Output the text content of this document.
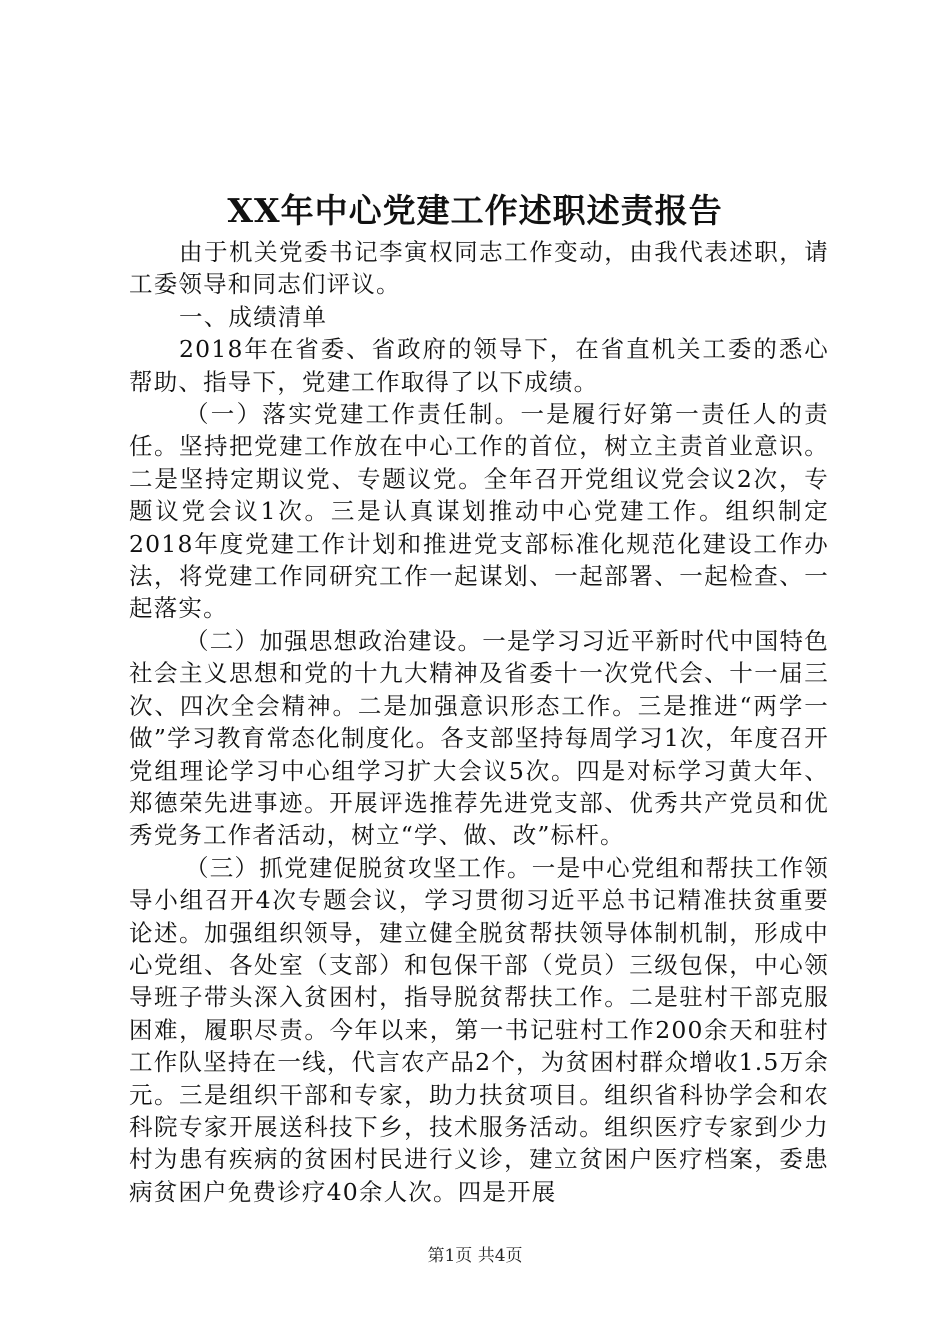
XX年中心党建工作述职述责报告

由于机关党委书记李寅权同志工作变动，由我代表述职，请工委领导和同志们评议。

一、成绩清单

2018年在省委、省政府的领导下，在省直机关工委的悉心帮助、指导下，党建工作取得了以下成绩。

（一）落实党建工作责任制。一是履行好第一责任人的责任。坚持把党建工作放在中心工作的首位，树立主责首业意识。二是坚持定期议党、专题议党。全年召开党组议党会议2次，专题议党会议1次。三是认真谋划推动中心党建工作。组织制定2018年度党建工作计划和推进党支部标准化规范化建设工作办法，将党建工作同研究工作一起谋划、一起部署、一起检查、一起落实。

（二）加强思想政治建设。一是学习习近平新时代中国特色社会主义思想和党的十九大精神及省委十一次党代会、十一届三次、四次全会精神。二是加强意识形态工作。三是推进“两学一做”学习教育常态化制度化。各支部坚持每周学习1次，年度召开党组理论学习中心组学习扩大会议5次。四是对标学习黄大年、郑德荣先进事迹。开展评选推荐先进党支部、优秀共产党员和优秀党务工作者活动，树立“学、做、改”标杆。

（三）抓党建促脱贫攻坚工作。一是中心党组和帮扶工作领导小组召开4次专题会议，学习贯彻习近平总书记精准扶贫重要论述。加强组织领导，建立健全脱贫帮扶领导体制机制，形成中心党组、各处室（支部）和包保干部（党员）三级包保，中心领导班子带头深入贫困村，指导脱贫帮扶工作。二是驻村干部克服困难，履职尽责。今年以来，第一书记驻村工作200余天和驻村工作队坚持在一线，代言农产品2个，为贫困村群众增收1.5万余元。三是组织干部和专家，助力扶贫项目。组织省科协学会和农科院专家开展送科技下乡，技术服务活动。组织医疗专家到少力村为患有疾病的贫困村民进行义诊，建立贫困户医疗档案，委患病贫困户免费诊疗40余人次。四是开展

第1页 共4页
